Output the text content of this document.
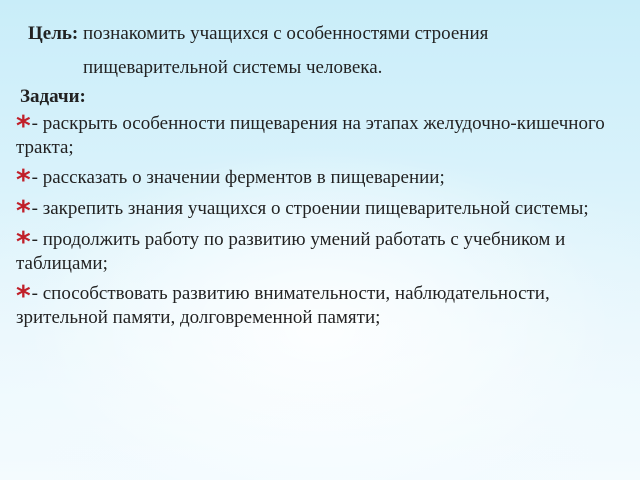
Цель: познакомить учащихся с особенностями строения
пищеварительной системы человека.
Задачи:
*- раскрыть особенности пищеварения на этапах желудочно-кишечного тракта;
*- рассказать о значении ферментов в пищеварении;
*- закрепить знания учащихся о строении пищеварительной системы;
*- продолжить работу по развитию умений работать с учебником и таблицами;
*- способствовать развитию внимательности, наблюдательности, зрительной памяти, долговременной памяти;
